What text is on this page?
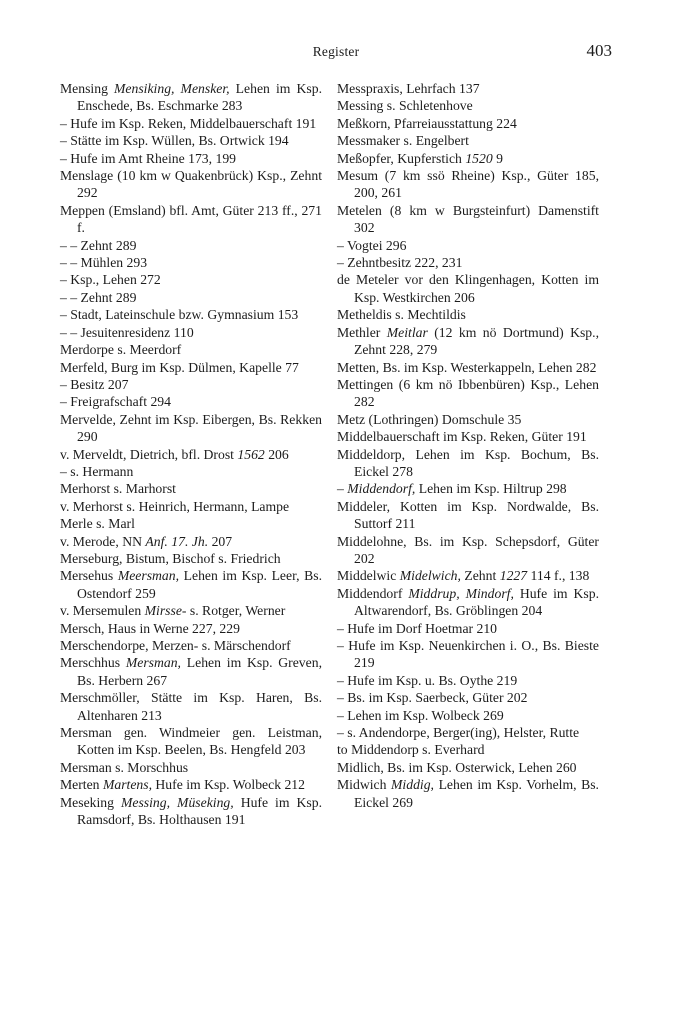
Register	403

Mensing Mensiking, Mensker, Lehen im Ksp. Enschede, Bs. Eschmarke 283

– Hufe im Ksp. Reken, Middelbauerschaft 191

– Stätte im Ksp. Wüllen, Bs. Ortwick 194

– Hufe im Amt Rheine 173, 199

Menslage (10 km w Quakenbrück) Ksp., Zehnt 292

Meppen (Emsland) bfl. Amt, Güter 213 ff., 271 f.

– – Zehnt 289

– – Mühlen 293

– Ksp., Lehen 272

– – Zehnt 289

– Stadt, Lateinschule bzw. Gymnasium 153

– – Jesuitenresidenz 110

Merdorpe s. Meerdorf

Merfeld, Burg im Ksp. Dülmen, Kapelle 77

– Besitz 207

– Freigrafschaft 294

Mervelde, Zehnt im Ksp. Eibergen, Bs. Rekken 290

v. Merveldt, Dietrich, bfl. Drost 1562 206

– s. Hermann

Merhorst s. Marhorst

v. Merhorst s. Heinrich, Hermann, Lampe

Merle s. Marl

v. Merode, NN Anf. 17. Jh. 207

Merseburg, Bistum, Bischof s. Friedrich

Mersehus Meersman, Lehen im Ksp. Leer, Bs. Ostendorf 259

v. Mersemulen Mirsse- s. Rotger, Werner

Mersch, Haus in Werne 227, 229

Merschendorpe, Merzen- s. Märschendorf

Merschhus Mersman, Lehen im Ksp. Greven, Bs. Herbern 267

Merschmöller, Stätte im Ksp. Haren, Bs. Altenharen 213

Mersman gen. Windmeier gen. Leistman, Kotten im Ksp. Beelen, Bs. Hengfeld 203

Mersman s. Morschhus

Merten Martens, Hufe im Ksp. Wolbeck 212

Meseking Messing, Müseking, Hufe im Ksp. Ramsdorf, Bs. Holthausen 191

Messpraxis, Lehrfach 137

Messing s. Schletenhove

Meßkorn, Pfarreiausstattung 224

Messmaker s. Engelbert

Meßopfer, Kupferstich 1520 9

Mesum (7 km ssö Rheine) Ksp., Güter 185, 200, 261

Metelen (8 km w Burgsteinfurt) Damenstift 302

– Vogtei 296

– Zehntbesitz 222, 231

de Meteler vor den Klingenhagen, Kotten im Ksp. Westkirchen 206

Metheldis s. Mechtildis

Methler Meitlar (12 km nö Dortmund) Ksp., Zehnt 228, 279

Metten, Bs. im Ksp. Westerkappeln, Lehen 282

Mettingen (6 km nö Ibbenbüren) Ksp., Lehen 282

Metz (Lothringen) Domschule 35

Middelbauerschaft im Ksp. Reken, Güter 191

Middeldorp, Lehen im Ksp. Bochum, Bs. Eickel 278

– Middendorf, Lehen im Ksp. Hiltrup 298

Middeler, Kotten im Ksp. Nordwalde, Bs. Suttorf 211

Middelohne, Bs. im Ksp. Schepsdorf, Güter 202

Middelwic Midelwich, Zehnt 1227 114 f., 138

Middendorf Middrup, Mindorf, Hufe im Ksp. Altwarendorf, Bs. Gröblingen 204

– Hufe im Dorf Hoetmar 210

– Hufe im Ksp. Neuenkirchen i. O., Bs. Bieste 219

– Hufe im Ksp. u. Bs. Oythe 219

– Bs. im Ksp. Saerbeck, Güter 202

– Lehen im Ksp. Wolbeck 269

– s. Andendorpe, Berger(ing), Helster, Rutte

to Middendorp s. Everhard

Midlich, Bs. im Ksp. Osterwick, Lehen 260

Midwich Middig, Lehen im Ksp. Vorhelm, Bs. Eickel 269
